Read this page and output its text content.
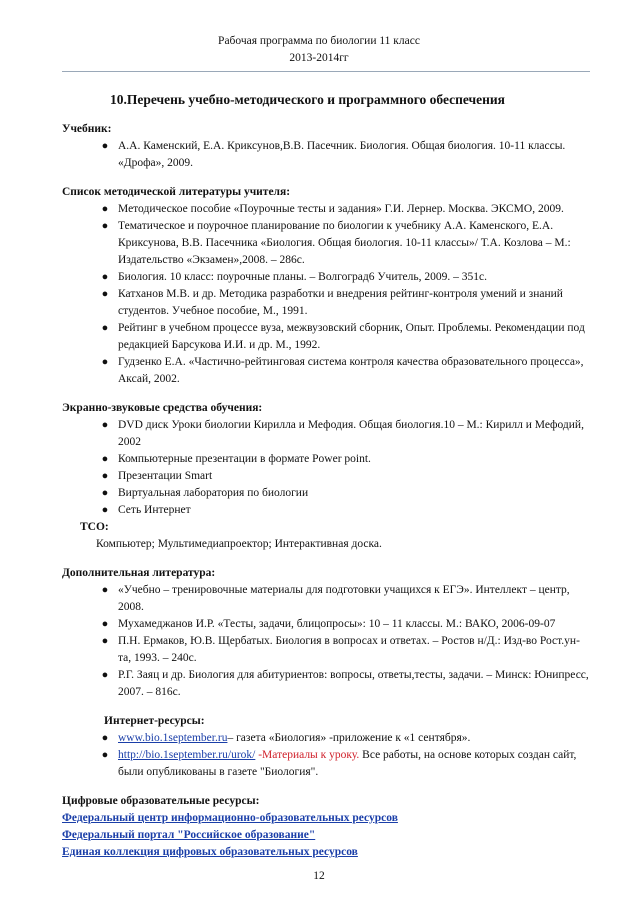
Рабочая программа по биологии 11 класс
2013-2014гг
10.Перечень учебно-методического и программного обеспечения
Учебник:
● А.А. Каменский, Е.А. Криксунов,В.В. Пасечник. Биология. Общая биология. 10-11 классы. «Дрофа», 2009.
Список методической литературы учителя:
● Методическое пособие «Поурочные тесты и задания» Г.И. Лернер. Москва. ЭКСМО, 2009.
● Тематическое и поурочное планирование по биологии к учебнику А.А. Каменского, Е.А. Криксунова, В.В. Пасечника «Биология. Общая биология. 10-11 классы»/ Т.А. Козлова – М.: Издательство «Экзамен»,2008. – 286с.
● Биология. 10 класс: поурочные планы. – Волгоград6 Учитель, 2009. – 351с.
● Катханов М.В. и др. Методика разработки и внедрения рейтинг-контроля умений и знаний студентов. Учебное пособие, М., 1991.
● Рейтинг в учебном процессе вуза, межвузовский сборник, Опыт. Проблемы. Рекомендации под редакцией Барсукова И.И. и др. М., 1992.
● Гудзенко Е.А. «Частично-рейтинговая система контроля качества образовательного процесса», Аксай, 2002.
Экранно-звуковые средства обучения:
● DVD диск Уроки биологии Кирилла и Мефодия. Общая биология.10 – М.: Кирилл и Мефодий, 2002
● Компьютерные презентации в формате Power point.
● Презентации Smart
● Виртуальная лаборатория по биологии
● Сеть Интернет
ТСО:
Компьютер; Мультимедиапроектор; Интерактивная доска.
Дополнительная литература:
● «Учебно – тренировочные материалы для подготовки учащихся к ЕГЭ». Интеллект – центр, 2008.
● Мухамеджанов И.Р. «Тесты, задачи, блицопросы»: 10 – 11 классы. М.: ВАКО, 2006-09-07
● П.Н. Ермаков, Ю.В. Щербатых. Биология в вопросах и ответах. – Ростов н/Д.: Изд-во Рост.ун-та, 1993. – 240с.
● Р.Г. Заяц и др. Биология для абитуриентов: вопросы, ответы,тесты, задачи. – Минск: Юнипресс, 2007. – 816с.
Интернет-ресурсы:
● www.bio.1september.ru– газета «Биология» -приложение к «1 сентября».
● http://bio.1september.ru/urok/ -Материалы к уроку. Все работы, на основе которых создан сайт, были опубликованы в газете "Биология".
Цифровые образовательные ресурсы:
Федеральный центр информационно-образовательных ресурсов
Федеральный портал "Российское образование"
Единая коллекция цифровых образовательных ресурсов
12
